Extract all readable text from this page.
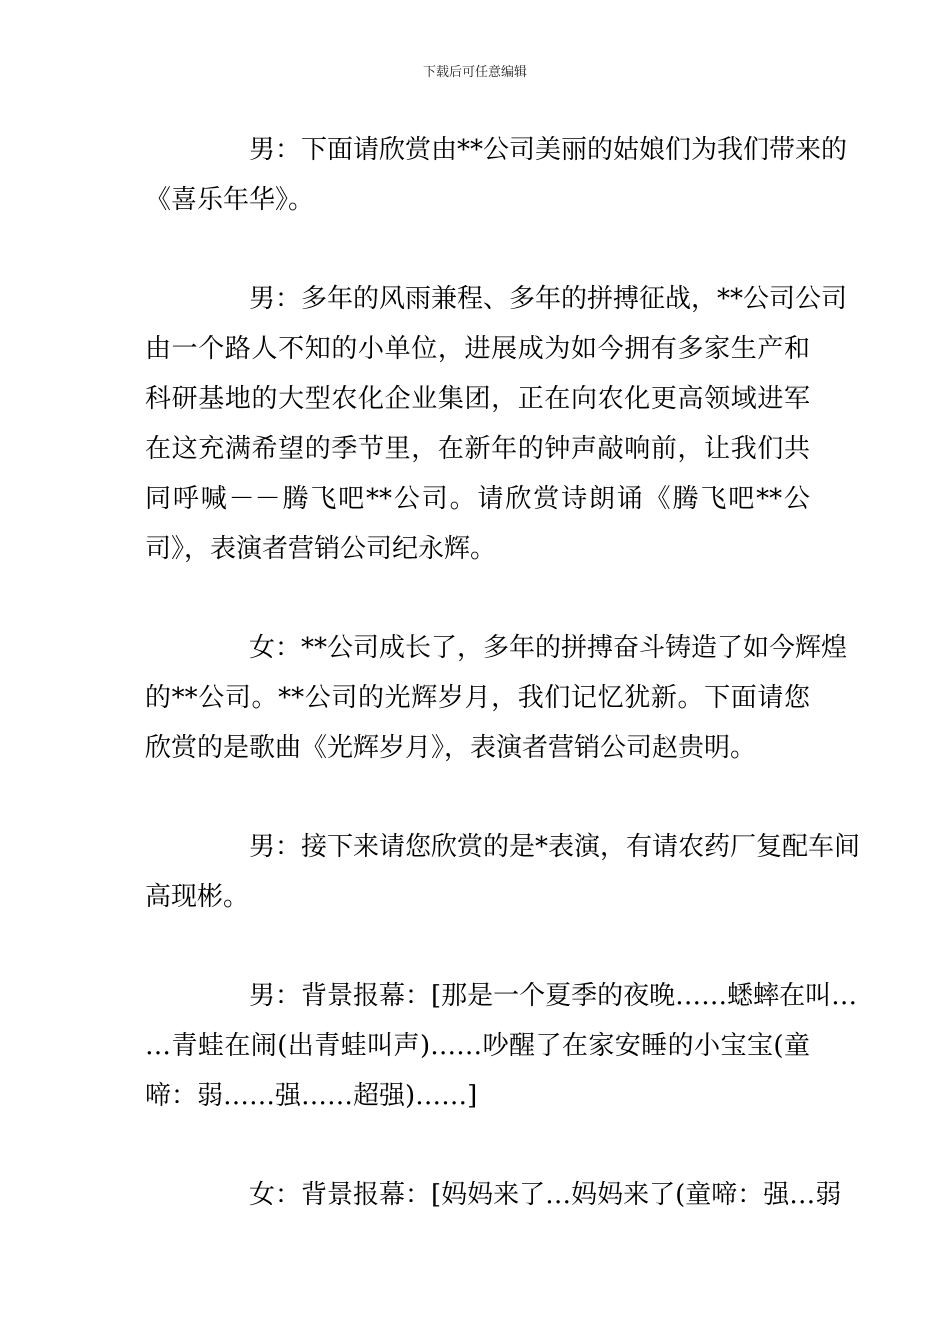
下载后可任意编辑
男：下面请欣赏由**公司美丽的姑娘们为我们带来的
《喜乐年华》。
男：多年的风雨兼程、多年的拼搏征战，**公司公司
由一个路人不知的小单位，进展成为如今拥有多家生产和
科研基地的大型农化企业集团，正在向农化更高领域进军
在这充满希望的季节里，在新年的钟声敲响前，让我们共
同呼喊－－腾飞吧**公司。请欣赏诗朗诵《腾飞吧**公
司》，表演者营销公司纪永辉。
女：**公司成长了，多年的拼搏奋斗铸造了如今辉煌
的**公司。**公司的光辉岁月，我们记忆犹新。下面请您
欣赏的是歌曲《光辉岁月》，表演者营销公司赵贵明。
男：接下来请您欣赏的是*表演，有请农药厂复配车间
高现彬。
男：背景报幕：[那是一个夏季的夜晚……蟋蟀在叫…
…青蛙在闹(出青蛙叫声)……吵醒了在家安睡的小宝宝(童
啼：弱……强……超强)……]
女：背景报幕：[妈妈来了…妈妈来了(童啼：强…弱
